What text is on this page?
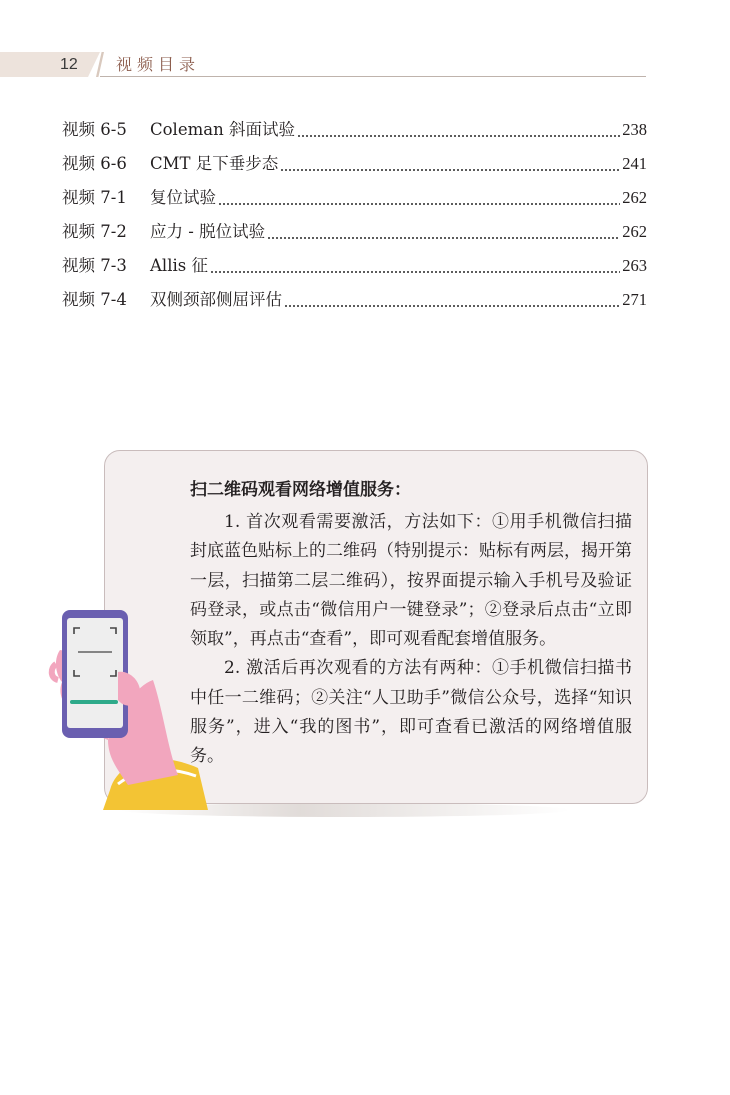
12 视频目录
视频 6-5	Coleman 斜面试验	238
视频 6-6	CMT 足下垂步态	241
视频 7-1	复位试验	262
视频 7-2	应力 - 脱位试验	262
视频 7-3	Allis 征	263
视频 7-4	双侧颈部侧屈评估	271
扫二维码观看网络增值服务：

1. 首次观看需要激活，方法如下：①用手机微信扫描封底蓝色贴标上的二维码（特别提示：贴标有两层，揭开第一层，扫描第二层二维码），按界面提示输入手机号及验证码登录，或点击“微信用户一键登录”；②登录后点击“立即领取”，再点击“查看”，即可观看配套增值服务。

2. 激活后再次观看的方法有两种：①手机微信扫描书中任一二维码；②关注“人卫助手”微信公众号，选择“知识服务”，进入“我的图书”，即可查看已激活的网络增值服务。
